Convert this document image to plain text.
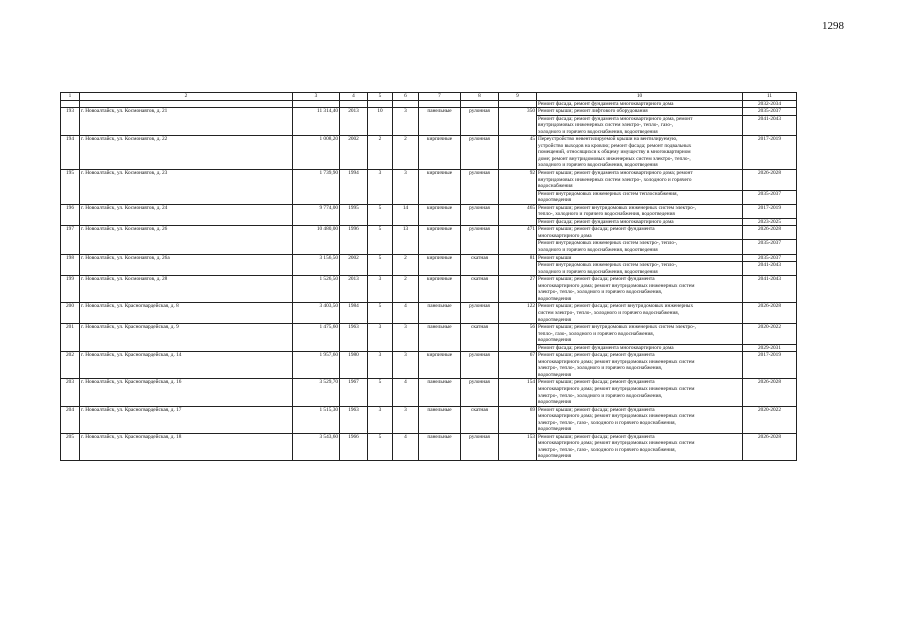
1298
1	2	3	4	5	6	7	8	9	10	11
									Ремонт фасада, ремонт фундамента многоквартирного дома	2032-2034
193	г. Новоалтайск, ул. Космонавтов, д. 21	11 314,40	2013	10	3	панельные	рулонная	350	Ремонт крыши; ремонт лифтового оборудования	2035-2037
									Ремонт фасада; ремонт фундамента многоквартирного дома, ремонт
внутридомовых инженерных систем электро-, тепло-, газо-,
холодного и горячего водоснабжения, водоотведения	2041-2043
194	г. Новоалтайск, ул. Космонавтов, д. 22	1 008,20	2002	2	2	кирпичные	рулонная	45	Переустройство невентилируемой крыши на вентилируемую,
устройство выходов на кровлю; ремонт фасада; ремонт подвальных
помещений, относящихся к общему имуществу в многоквартирном
доме; ремонт внутридомовых инженерных систем электро-, тепло-,
холодного и горячего водоснабжения, водоотведения	2017-2019
195	г. Новоалтайск, ул. Космонавтов, д. 23	1 739,90	1994	3	3	кирпичные	рулонная	92	Ремонт крыши; ремонт фундамента многоквартирного дома; ремонт
внутридомовых инженерных систем электро-, холодного и горячего
водоснабжения	2026-2028
									Ремонт внутридомовых инженерных систем теплоснабжения,
водоотведения	2035-2037
196	г. Новоалтайск, ул. Космонавтов, д. 24	9 774,00	1995	5	14	кирпичные	рулонная	465	Ремонт крыши; ремонт внутридомовых инженерных систем электро-,
тепло-, холодного и горячего водоснабжения, водоотведения	2017-2019
									Ремонт фасада; ремонт фундамента многоквартирного дома	2023-2025
197	г. Новоалтайск, ул. Космонавтов, д. 26	10 480,00	1996	5	13	кирпичные	рулонная	471	Ремонт крыши; ремонт фасада; ремонт фундамента
многоквартирного дома	2026-2028
									Ремонт внутридомовых инженерных систем электро-, тепло-,
холодного и горячего водоснабжения, водоотведения	2035-2037
198	г. Новоалтайск, ул. Космонавтов, д. 26а	3 156,50	2002	5	2	кирпичные	скатная	81	Ремонт крыши	2035-2037
									Ремонт внутридомовых инженерных систем электро-, тепло-,
холодного и горячего водоснабжения, водоотведения	2041-2043
199	г. Новоалтайск, ул. Космонавтов, д. 28	1 526,50	2013	3	2	кирпичные	скатная	27	Ремонт крыши; ремонт фасада; ремонт фундамента
многоквартирного дома; ремонт внутридомовых инженерных систем
электро-, тепло-, холодного и горячего водоснабжения,
водоотведения	2041-2043
200	г. Новоалтайск, ул. Красногвардейская, д. 8	3 403,50	1984	5	4	панельные	рулонная	122	Ремонт крыши; ремонт фасада; ремонт внутридомовых инженерных
систем электро-, тепло-, холодного и горячего водоснабжения,
водоотведения	2026-2028
201	г. Новоалтайск, ул. Красногвардейская, д. 9	1 475,60	1963	3	3	панельные	скатная	56	Ремонт крыши; ремонт внутридомовых инженерных систем электро-,
тепло-, газо-, холодного и горячего водоснабжения,
водоотведения	2020-2022
									Ремонт фасада; ремонт фундамента многоквартирного дома	2029-2031
202	г. Новоалтайск, ул. Красногвардейская, д. 14	1 957,60	1980	3	3	кирпичные	рулонная	67	Ремонт крыши; ремонт фасада; ремонт фундамента
многоквартирного дома; ремонт внутридомовых инженерных систем
электро-, тепло-, холодного и горячего водоснабжения,
водоотведения	2017-2019
203	г. Новоалтайск, ул. Красногвардейская, д. 16	3 529,70	1967	5	4	панельные	рулонная	154	Ремонт крыши; ремонт фасада; ремонт фундамента
многоквартирного дома; ремонт внутридомовых инженерных систем
электро-, тепло-, холодного и горячего водоснабжения,
водоотведения	2026-2028
204	г. Новоалтайск, ул. Красногвардейская, д. 17	1 515,30	1963	3	3	панельные	скатная	69	Ремонт крыши; ремонт фасада; ремонт фундамента
многоквартирного дома; ремонт внутридомовых инженерных систем
электро-, тепло-, газо-, холодного и горячего водоснабжения,
водоотведения	2020-2022
205	г. Новоалтайск, ул. Красногвардейская, д. 18	3 543,60	1966	5	4	панельные	рулонная	153	Ремонт крыши; ремонт фасада; ремонт фундамента
многоквартирного дома; ремонт внутридомовых инженерных систем
электро-, тепло-, газо-, холодного и горячего водоснабжения,
водоотведения	2026-2028
